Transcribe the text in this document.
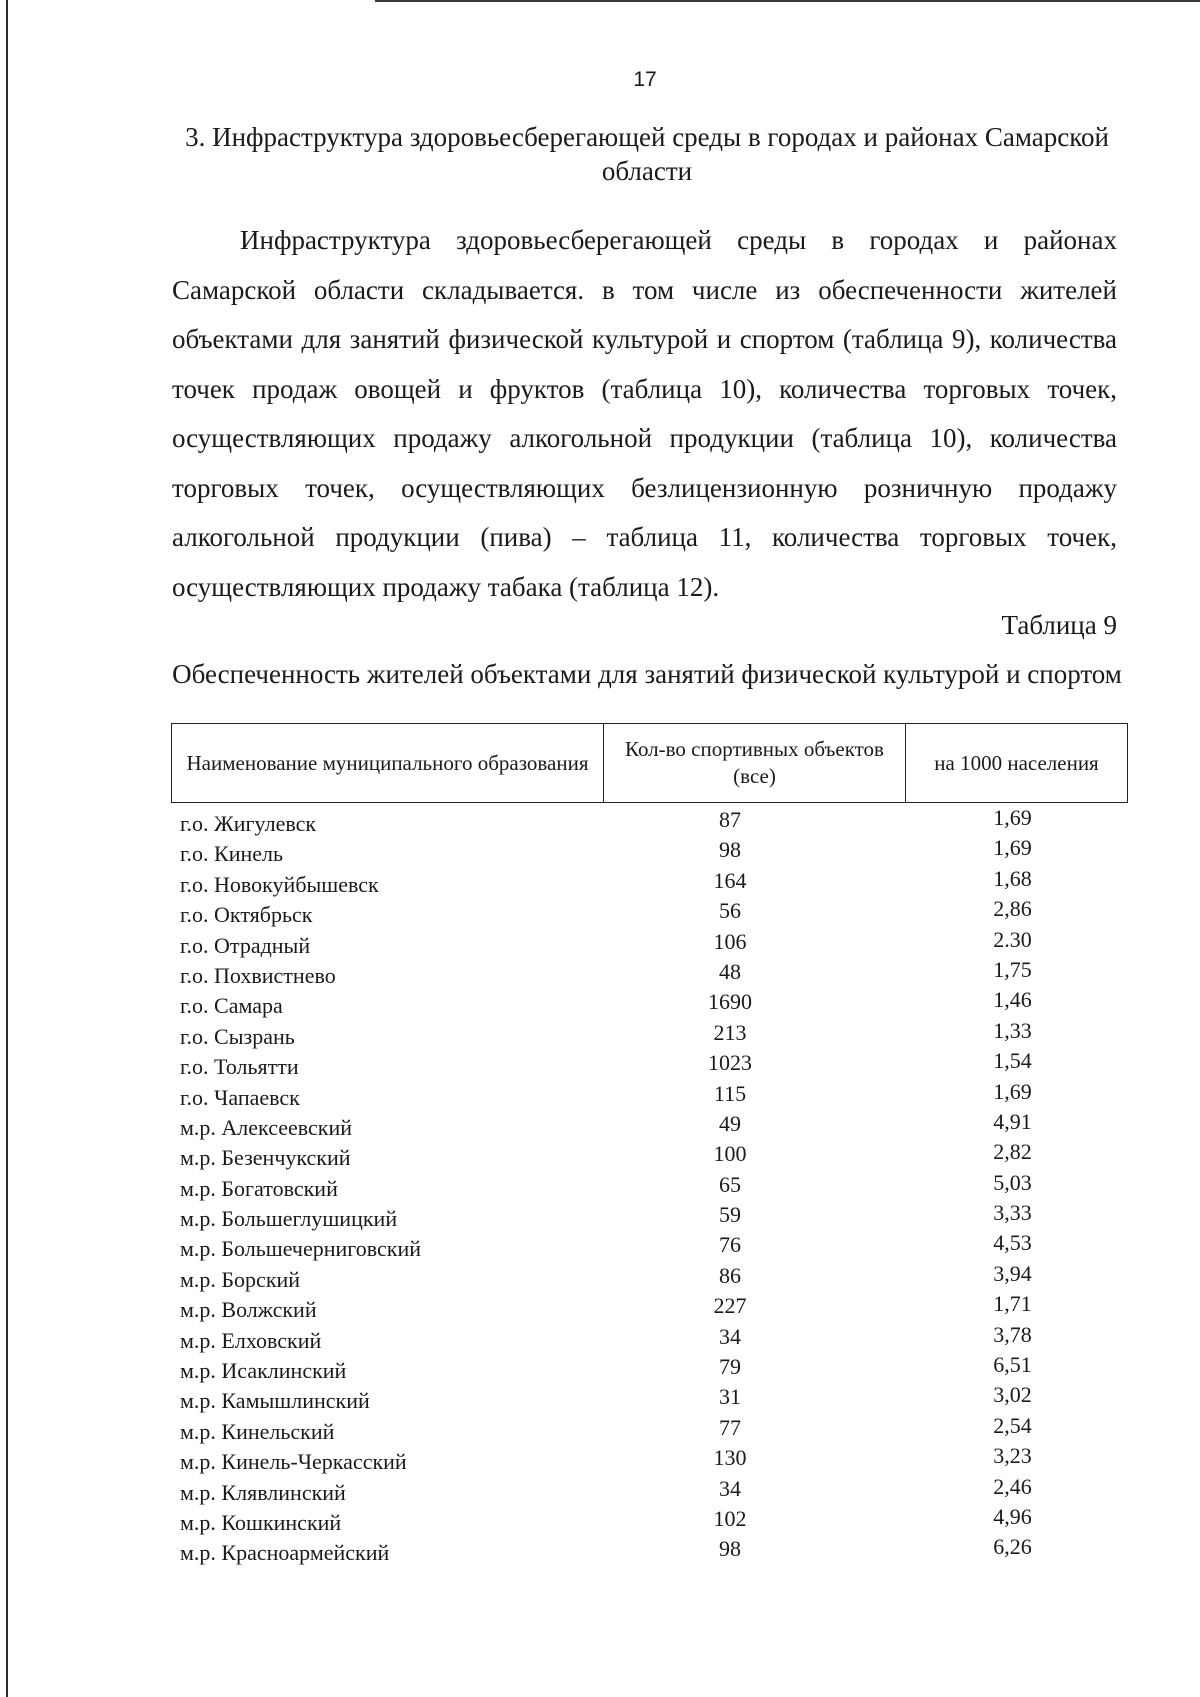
17
3. Инфраструктура здоровьесберегающей среды в городах и районах Самарской области
Инфраструктура здоровьесберегающей среды в городах и районах Самарской области складывается. в том числе из обеспеченности жителей объектами для занятий физической культурой и спортом (таблица 9), количества точек продаж овощей и фруктов (таблица 10), количества торговых точек, осуществляющих продажу алкогольной продукции (таблица 10), количества торговых точек, осуществляющих безлицензионную розничную продажу алкогольной продукции (пива) – таблица 11, количества торговых точек, осуществляющих продажу табака (таблица 12).
Таблица 9
Обеспеченность жителей объектами для занятий физической культурой и спортом
Наименование муниципального образования	Кол-во спортивных объектов (все)	на 1000 населения
г.о. Жигулевск	87	1,69
г.о. Кинель	98	1,69
г.о. Новокуйбышевск	164	1,68
г.о. Октябрьск	56	2,86
г.о. Отрадный	106	2.30
г.о. Похвистнево	48	1,75
г.о. Самара	1690	1,46
г.о. Сызрань	213	1,33
г.о. Тольятти	1023	1,54
г.о. Чапаевск	115	1,69
м.р. Алексеевский	49	4,91
м.р. Безенчукский	100	2,82
м.р. Богатовский	65	5,03
м.р. Большеглушицкий	59	3,33
м.р. Большечерниговский	76	4,53
м.р. Борский	86	3,94
м.р. Волжский	227	1,71
м.р. Елховский	34	3,78
м.р. Исаклинский	79	6,51
м.р. Камышлинский	31	3,02
м.р. Кинельский	77	2,54
м.р. Кинель-Черкасский	130	3,23
м.р. Клявлинский	34	2,46
м.р. Кошкинский	102	4,96
м.р. Красноармейский	98	6,26
